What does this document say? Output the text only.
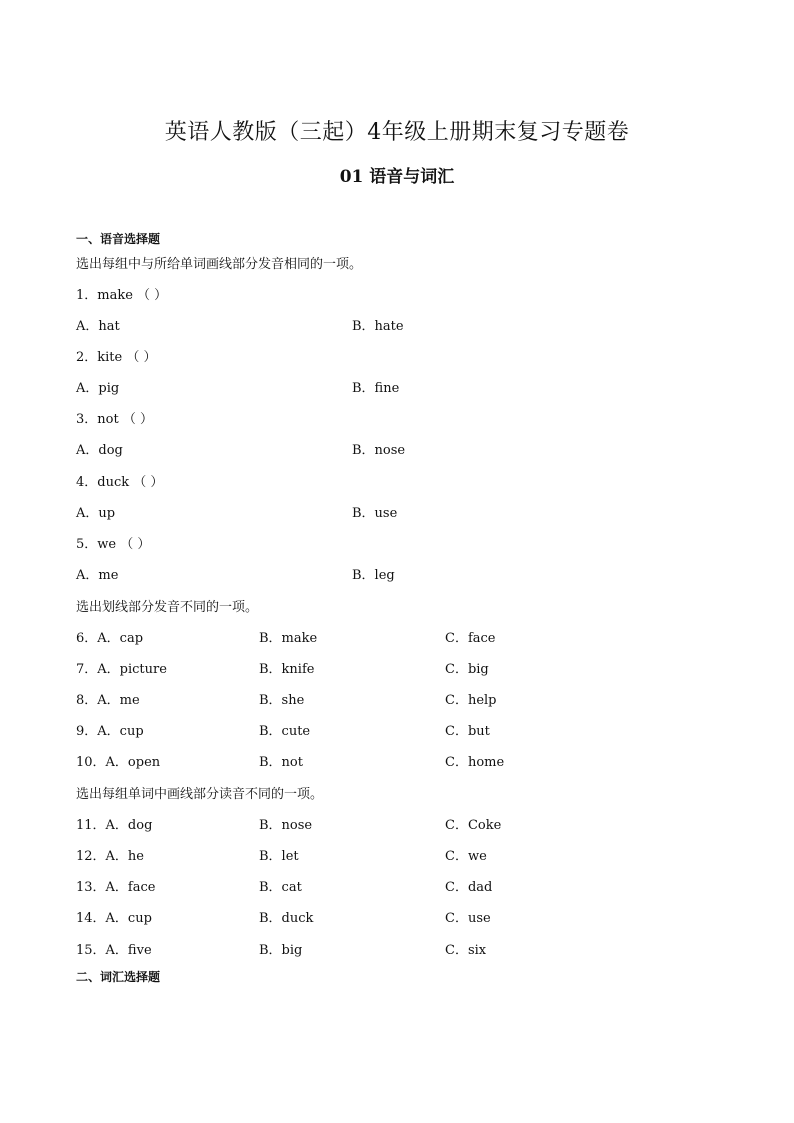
英语人教版（三起）4年级上册期末复习专题卷
01 语音与词汇
一、语音选择题
选出每组中与所给单词画线部分发音相同的一项。
1．make （ ）
A．hat	B．hate
2．kite （ ）
A．pig	B．fine
3．not （ ）
A．dog	B．nose
4．duck （ ）
A．up	B．use
5．we （ ）
A．me	B．leg
选出划线部分发音不同的一项。
6．A．cap	B．make	C．face
7．A．picture	B．knife	C．big
8．A．me	B．she	C．help
9．A．cup	B．cute	C．but
10．A．open	B．not	C．home
选出每组单词中画线部分读音不同的一项。
11．A．dog	B．nose	C．Coke
12．A．he	B．let	C．we
13．A．face	B．cat	C．dad
14．A．cup	B．duck	C．use
15．A．five	B．big	C．six
二、词汇选择题
